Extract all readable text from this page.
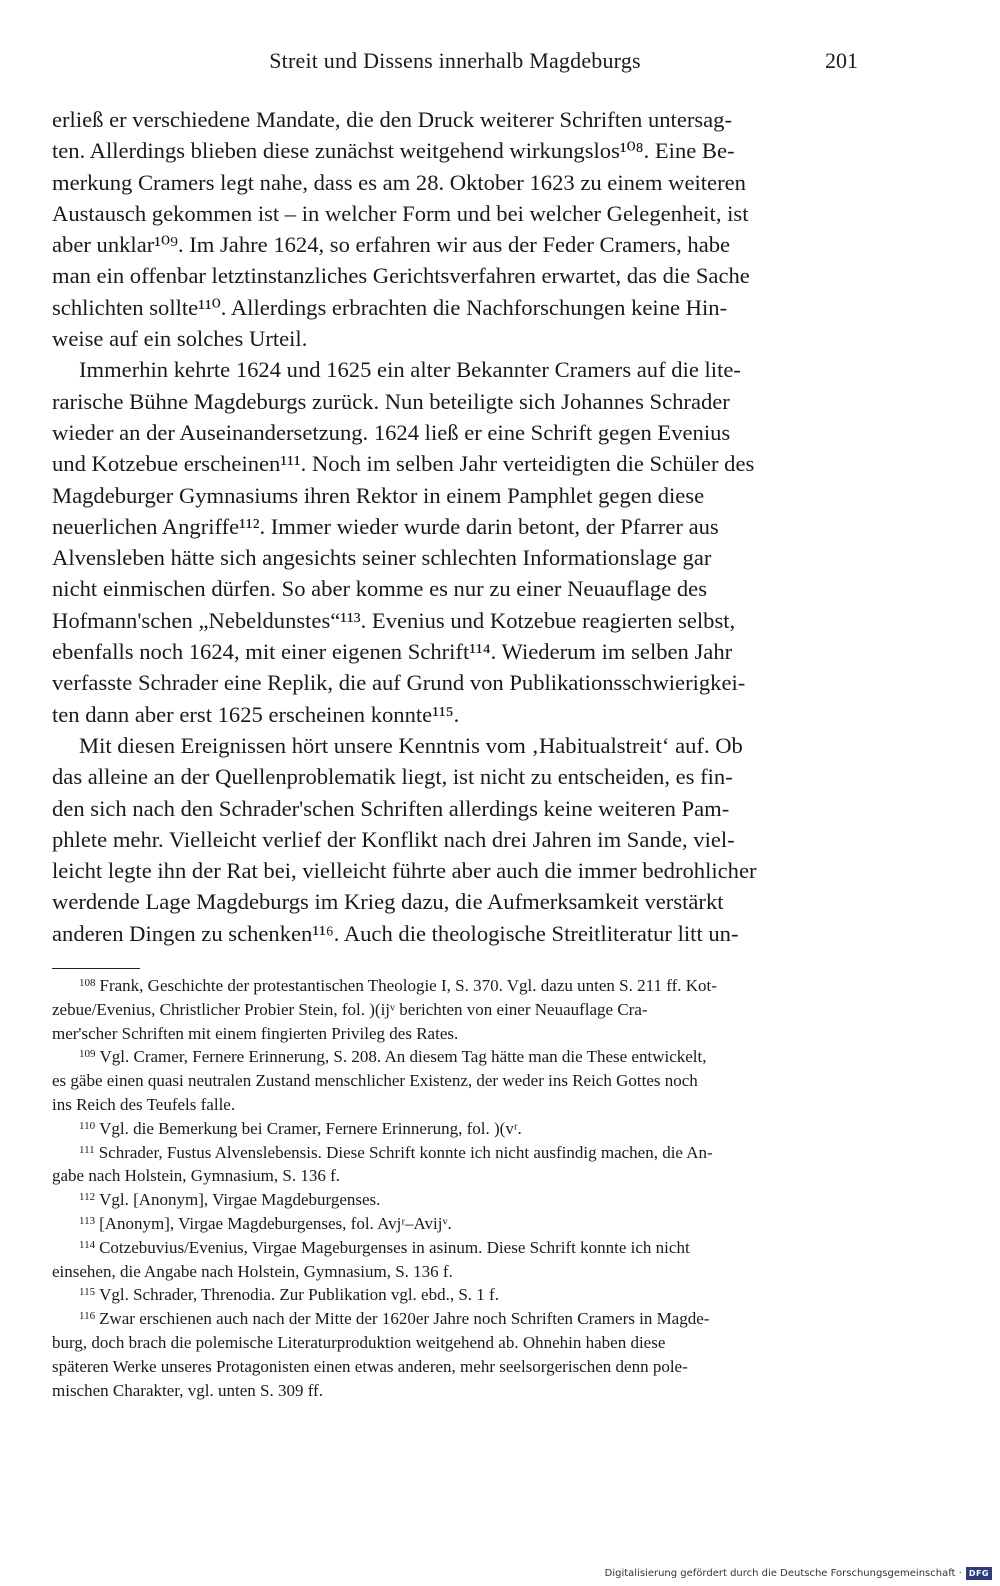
Streit und Dissens innerhalb Magdeburgs	201
erließ er verschiedene Mandate, die den Druck weiterer Schriften untersag-
ten. Allerdings blieben diese zunächst weitgehend wirkungslos¹⁰⁸. Eine Be-
merkung Cramers legt nahe, dass es am 28. Oktober 1623 zu einem weiteren
Austausch gekommen ist – in welcher Form und bei welcher Gelegenheit, ist
aber unklar¹⁰⁹. Im Jahre 1624, so erfahren wir aus der Feder Cramers, habe
man ein offenbar letztinstanzliches Gerichtsverfahren erwartet, das die Sache
schlichten sollte¹¹⁰. Allerdings erbrachten die Nachforschungen keine Hin-
weise auf ein solches Urteil.
Immerhin kehrte 1624 und 1625 ein alter Bekannter Cramers auf die lite-
rarische Bühne Magdeburgs zurück. Nun beteiligte sich Johannes Schrader
wieder an der Auseinandersetzung. 1624 ließ er eine Schrift gegen Evenius
und Kotzebue erscheinen¹¹¹. Noch im selben Jahr verteidigten die Schüler des
Magdeburger Gymnasiums ihren Rektor in einem Pamphlet gegen diese
neuerlichen Angriffe¹¹². Immer wieder wurde darin betont, der Pfarrer aus
Alvensleben hätte sich angesichts seiner schlechten Informationslage gar
nicht einmischen dürfen. So aber komme es nur zu einer Neuauflage des
Hofmann'schen „Nebeldunstes“¹¹³. Evenius und Kotzebue reagierten selbst,
ebenfalls noch 1624, mit einer eigenen Schrift¹¹⁴. Wiederum im selben Jahr
verfasste Schrader eine Replik, die auf Grund von Publikationsschwierigkei-
ten dann aber erst 1625 erscheinen konnte¹¹⁵.
Mit diesen Ereignissen hört unsere Kenntnis vom ‚Habitualstreit‘ auf. Ob
das alleine an der Quellenproblematik liegt, ist nicht zu entscheiden, es fin-
den sich nach den Schrader'schen Schriften allerdings keine weiteren Pam-
phlete mehr. Vielleicht verlief der Konflikt nach drei Jahren im Sande, viel-
leicht legte ihn der Rat bei, vielleicht führte aber auch die immer bedrohlicher
werdende Lage Magdeburgs im Krieg dazu, die Aufmerksamkeit verstärkt
anderen Dingen zu schenken¹¹⁶. Auch die theologische Streitliteratur litt un-
$^{108}$ Frank, Geschichte der protestantischen Theologie I, S. 370. Vgl. dazu unten S. 211 ff. Kot-
zebue/Evenius, Christlicher Probier Stein, fol. )(ijᵛ berichten von einer Neuauflage Cra-
mer'scher Schriften mit einem fingierten Privileg des Rates.
$^{109}$ Vgl. Cramer, Fernere Erinnerung, S. 208. An diesem Tag hätte man die These entwickelt,
es gäbe einen quasi neutralen Zustand menschlicher Existenz, der weder ins Reich Gottes noch
ins Reich des Teufels falle.
$^{110}$ Vgl. die Bemerkung bei Cramer, Fernere Erinnerung, fol. )(vʳ.
$^{111}$ Schrader, Fustus Alvenslebensis. Diese Schrift konnte ich nicht ausfindig machen, die An-
gabe nach Holstein, Gymnasium, S. 136 f.
$^{112}$ Vgl. [Anonym], Virgae Magdeburgenses.
$^{113}$ [Anonym], Virgae Magdeburgenses, fol. Avjʳ–Avijᵛ.
$^{114}$ Cotzebuvius/Evenius, Virgae Mageburgenses in asinum. Diese Schrift konnte ich nicht
einsehen, die Angabe nach Holstein, Gymnasium, S. 136 f.
$^{115}$ Vgl. Schrader, Threnodia. Zur Publikation vgl. ebd., S. 1 f.
$^{116}$ Zwar erschienen auch nach der Mitte der 1620er Jahre noch Schriften Cramers in Magde-
burg, doch brach die polemische Literaturproduktion weitgehend ab. Ohnehin haben diese
späteren Werke unseres Protagonisten einen etwas anderen, mehr seelsorgerischen denn pole-
mischen Charakter, vgl. unten S. 309 ff.
Digitalisierung gefördert durch die Deutsche Forschungsgemeinschaft · DFG
